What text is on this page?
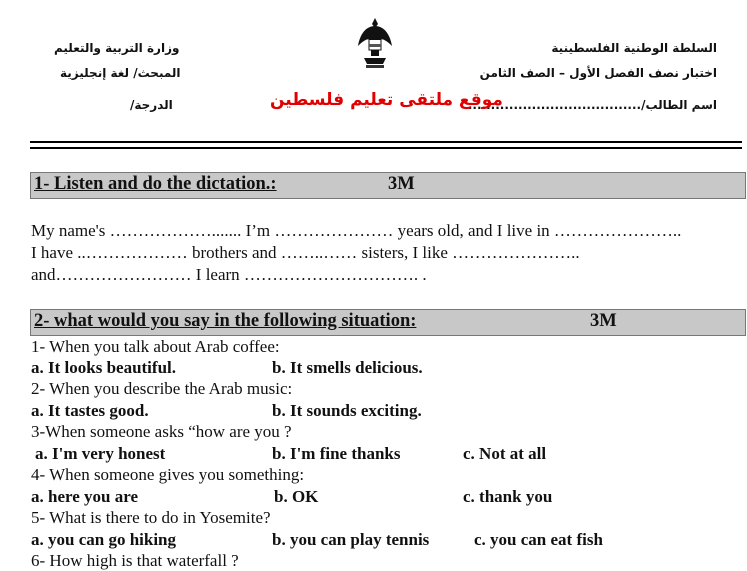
السلطة الوطنية الفلسطينية
اختبار نصف الفصل الأول – الصف الثامن
اسم الطالب/......................................
وزارة التربية والتعليم
المبحث/ لغة إنجليزية
الدرجة/	موقع ملتقى تعليم فلسطين
1- Listen and do the dictation.:	3M
My name's ………………....... I’m ………………… years old, and I live in …………………..
I have ..……………… brothers and ……..…… sisters, I like …………………..
and…………………… I learn …………………………. .
2- what would you say in the following situation:	3M
1- When you talk about Arab coffee:
a. It looks beautiful.	b. It smells delicious.
2- When you describe the Arab music:
a. It tastes good.	b. It sounds exciting.
3-When someone asks “how are you ?
a. I'm very honest	b. I'm fine thanks	c. Not at all
4- When someone gives you something:
a. here you are	b. OK	c. thank you
5- What is there to do in Yosemite?
a. you can go hiking	b. you can play tennis	c. you can eat fish
6- How high is that waterfall ?
